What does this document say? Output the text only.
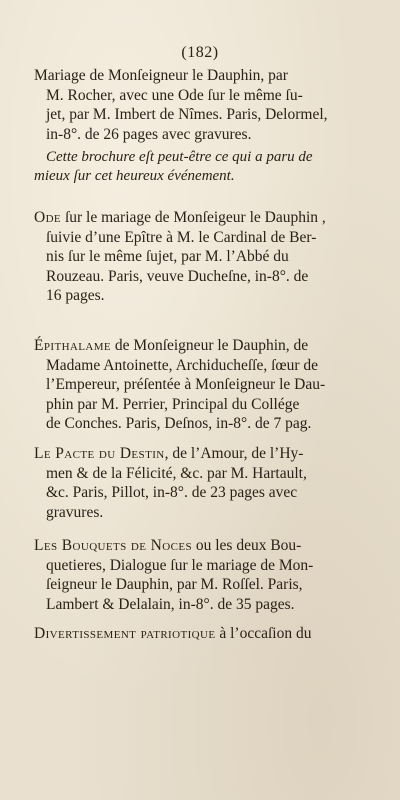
(182)
Mariage de Monſeigneur le Dauphin, par
M. Rocher, avec une Ode ſur le même ſu-
jet, par M. Imbert de Nîmes. Paris, Delormel,
in-8°. de 26 pages avec gravures.
Cette brochure eſt peut-être ce qui a paru de
mieux ſur cet heureux événement.
Ode ſur le mariage de Monſeigeur le Dauphin ,
ſuivie d’une Epître à M. le Cardinal de Ber-
nis ſur le même ſujet, par M. l’Abbé du
Rouzeau. Paris, veuve Ducheſne, in-8°. de
16 pages.
Épithalame de Monſeigneur le Dauphin, de
Madame Antoinette, Archiducheſſe, ſœur de
l’Empereur, préſentée à Monſeigneur le Dau-
phin par M. Perrier, Principal du Collége
de Conches. Paris, Deſnos, in-8°. de 7 pag.
Le Pacte du Destin, de l’Amour, de l’Hy-
men & de la Félicité, &c. par M. Hartault,
&c. Paris, Pillot, in-8°. de 23 pages avec
gravures.
Les Bouquets de Noces ou les deux Bou-
quetieres, Dialogue ſur le mariage de Mon-
ſeigneur le Dauphin, par M. Roſſel. Paris,
Lambert & Delalain, in-8°. de 35 pages.
Divertissement patriotique à l’occaſion du
